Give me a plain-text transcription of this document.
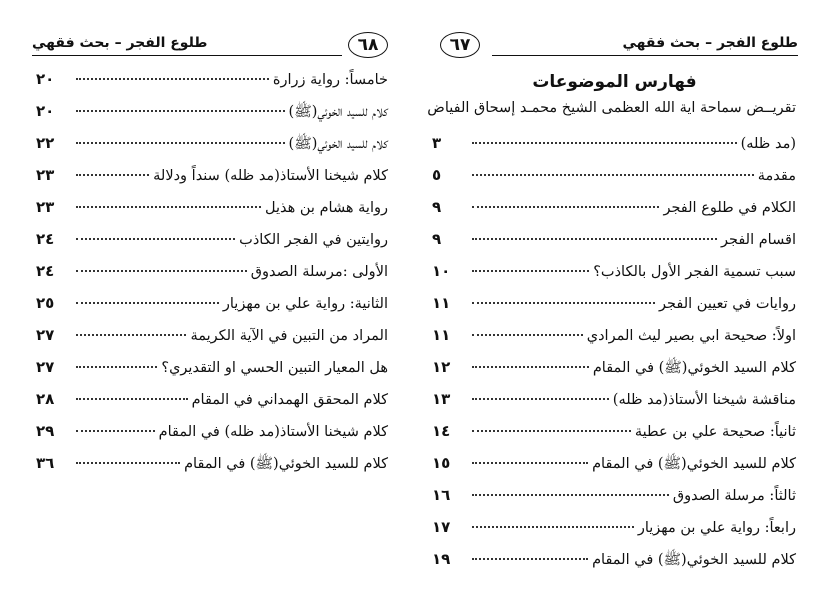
طلوع الفجر – بحث فقهي	٦٨
خامساً: رواية زرارة
٢٠
كلام للسيد الخوئي(ﷺ)
٢٠
كلام للسيد الخوئي(ﷺ)
٢٢
كلام شيخنا الأستاذ(مد ظله) سنداً ودلالة
٢٣
رواية هشام بن هذيل
٢٣
روايتين في الفجر الكاذب
٢٤
الأولى :مرسلة الصدوق
٢٤
الثانية: رواية علي بن مهزيار
٢٥
المراد من التبين في الآية الكريمة
٢٧
هل المعيار التبين الحسي او التقديري؟
٢٧
كلام المحقق الهمداني في المقام
٢٨
كلام شيخنا الأستاذ(مد ظله) في المقام
٢٩
كلام للسيد الخوئي(ﷺ) في المقام
٣٦
٦٧	طلوع الفجر – بحث فقهي
فهارس الموضوعات
تقريــض سماحة اية الله العظمى الشيخ محمـد إسحاق الفياض
(مد ظله)
٣
مقدمة
٥
الكلام في طلوع الفجر
٩
اقسام الفجر
٩
سبب تسمية الفجر الأول بالكاذب؟
١٠
روايات في تعيين الفجر
١١
اولاً: صحيحة ابي بصير ليث المرادي
١١
كلام السيد الخوئي(ﷺ) في المقام
١٢
مناقشة شيخنا الأستاذ(مد ظله)
١٣
ثانياً: صحيحة علي بن عطية
١٤
كلام للسيد الخوئي(ﷺ) في المقام
١٥
ثالثاً: مرسلة الصدوق
١٦
رابعاً: رواية علي بن مهزيار
١٧
كلام للسيد الخوئي(ﷺ) في المقام
١٩
